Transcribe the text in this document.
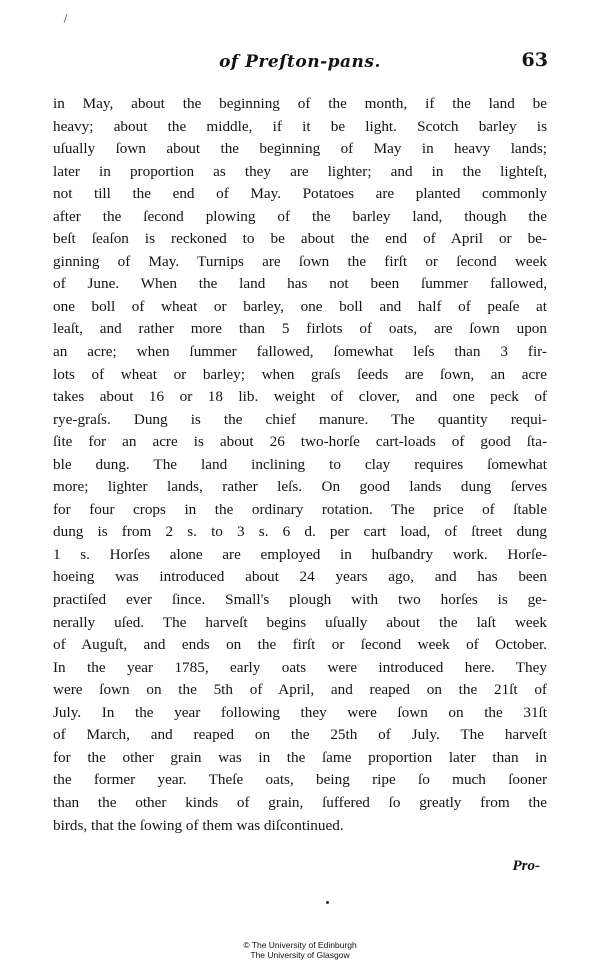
of Preſton-pans.	63
in May, about the beginning of the month, if the land be
heavy; about the middle, if it be light. Scotch barley is
uſually ſown about the beginning of May in heavy lands;
later in proportion as they are lighter; and in the lighteſt,
not till the end of May. Potatoes are planted commonly
after the ſecond plowing of the barley land, though the
beſt ſeaſon is reckoned to be about the end of April or be-
ginning of May. Turnips are ſown the firſt or ſecond week
of June. When the land has not been ſummer fallowed,
one boll of wheat or barley, one boll and half of peaſe at
leaſt, and rather more than 5 firlots of oats, are ſown upon
an acre; when ſummer fallowed, ſomewhat leſs than 3 fir-
lots of wheat or barley; when graſs ſeeds are ſown, an acre
takes about 16 or 18 lib. weight of clover, and one peck of
rye-graſs. Dung is the chief manure. The quantity requi-
ſite for an acre is about 26 two-horſe cart-loads of good ſta-
ble dung. The land inclining to clay requires ſomewhat
more; lighter lands, rather leſs. On good lands dung ſerves
for four crops in the ordinary rotation. The price of ſtable
dung is from 2 s. to 3 s. 6 d. per cart load, of ſtreet dung
1 s. Horſes alone are employed in huſbandry work. Horſe-
hoeing was introduced about 24 years ago, and has been
practiſed ever ſince. Small's plough with two horſes is ge-
nerally uſed. The harveſt begins uſually about the laſt week
of Auguſt, and ends on the firſt or ſecond week of October.
In the year 1785, early oats were introduced here. They
were ſown on the 5th of April, and reaped on the 21ſt of
July. In the year following they were ſown on the 31ſt
of March, and reaped on the 25th of July. The harveſt
for the other grain was in the ſame proportion later than in
the former year. Theſe oats, being ripe ſo much ſooner
than the other kinds of grain, ſuffered ſo greatly from the
birds, that the ſowing of them was diſcontinued.
Pro-
© The University of Edinburgh
The University of Glasgow
